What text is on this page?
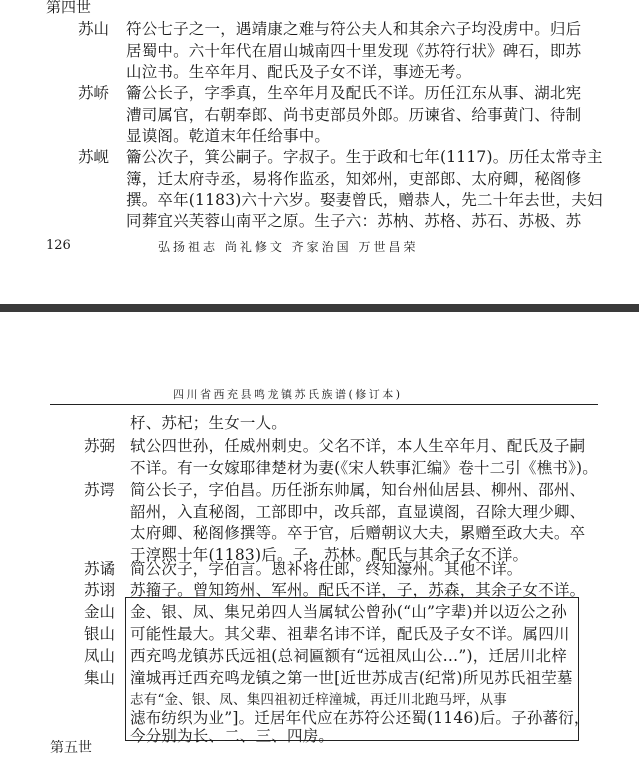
第四世
苏山 符公七子之一，遇靖康之难与符公夫人和其余六子均没虏中。归后
居蜀中。六十年代在眉山城南四十里发现《苏符行状》碑石，即苏
山泣书。生卒年月、配氏及子女不详，事迹无考。
苏峤 籥公长子，字季真，生卒年月及配氏不详。历任江东从事、湖北宪
漕司属官，右朝奉郎、尚书吏部员外郎。历谏省、给事黄门、待制
显谟阁。乾道末年任给事中。
苏岘 籥公次子，箕公嗣子。字叔子。生于政和七年(1117)。历任太常寺主
簿，迁太府寺丞，易将作监丞，知郊州，吏部郎、太府卿，秘阁修
撰。卒年(1183)六十六岁。娶妻曾氏，赠恭人，先二十年去世，夫妇
同葬宜兴芙蓉山南平之原。生子六：苏枘、苏格、苏石、苏极、苏
126	弘扬祖志 尚礼修文 齐家治国 万世昌荣
四川省西充县鸣龙镇苏氏族谱(修订本)
杍、苏杞；生女一人。
苏弼 轼公四世孙，任威州刺史。父名不详，本人生卒年月、配氏及子嗣
不详。有一女嫁耶律楚材为妻(《宋人轶事汇编》卷十二引《樵书》)。
苏谔 简公长子，字伯昌。历任浙东帅属，知台州仙居县、柳州、邵州、
韶州，入直秘阁，工部即中，改兵部，直显谟阁，召除大理少卿、
太府卿、秘阁修撰等。卒于官，后赠朝议大夫，累赠至政大夫。卒
于淳熙十年(1183)后。子，苏林。配氏与其余子女不详。
苏谲 简公次子，字伯言。恩补将仕郎，终知濠州。其他不详。
苏诩 苏籀子。曾知筠州、军州。配氏不详，子，苏森，其余子女不详。
金山
银山
凤山
集山
金、银、凤、集兄弟四人当属轼公曾孙(“山”字辈)并以迈公之孙
可能性最大。其父辈、祖辈名讳不详，配氏及子女不详。属四川
西充鸣龙镇苏氏远祖(总祠匾额有“远祖凤山公…”)，迁居川北梓
潼城再迁西充鸣龙镇之第一世[近世苏成吉(纪常)所见苏氏祖茔墓
志有“金、银、凤、集四祖初迁梓潼城，再迁川北跑马坪，从事
滤布纺织为业”]。迁居年代应在苏符公还蜀(1146)后。子孙蕃衍，
今分别为长、二、三、四房。
第五世
